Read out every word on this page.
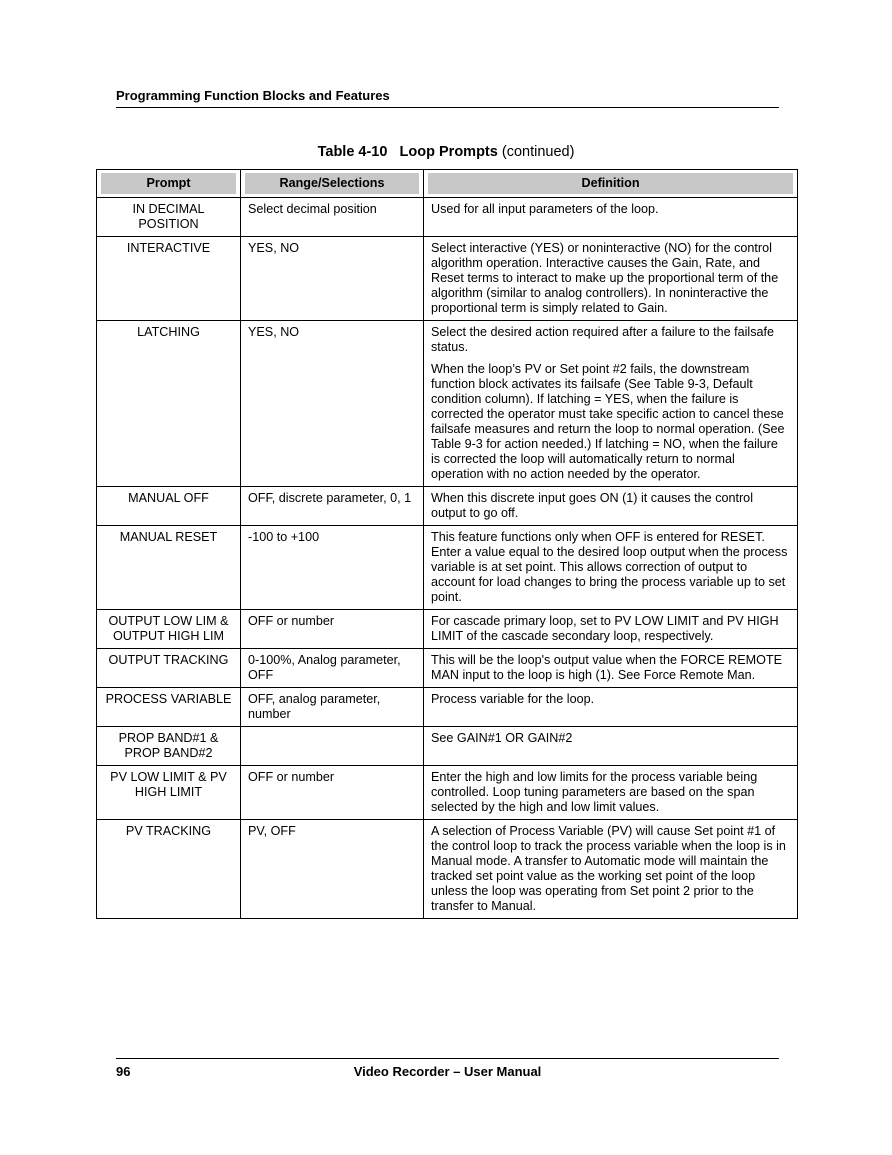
Programming Function Blocks and Features
Table 4-10 Loop Prompts (continued)
Prompt	Range/Selections	Definition

IN DECIMAL POSITION	Select decimal position	Used for all input parameters of the loop.

INTERACTIVE	YES, NO	Select interactive (YES) or noninteractive (NO) for the control algorithm operation. Interactive causes the Gain, Rate, and Reset terms to interact to make up the proportional term of the algorithm (similar to analog controllers). In noninteractive the proportional term is simply related to Gain.

LATCHING	YES, NO	Select the desired action required after a failure to the failsafe status.
When the loop’s PV or Set point #2 fails, the downstream function block activates its failsafe (See Table 9-3, Default condition column). If latching = YES, when the failure is corrected the operator must take specific action to cancel these failsafe measures and return the loop to normal operation. (See Table 9-3 for action needed.) If latching = NO, when the failure is corrected the loop will automatically return to normal operation with no action needed by the operator.

MANUAL OFF	OFF, discrete parameter, 0, 1	When this discrete input goes ON (1) it causes the control output to go off.

MANUAL RESET	-100 to +100	This feature functions only when OFF is entered for RESET. Enter a value equal to the desired loop output when the process variable is at set point. This allows correction of output to account for load changes to bring the process variable up to set point.

OUTPUT LOW LIM & OUTPUT HIGH LIM	OFF or number	For cascade primary loop, set to PV LOW LIMIT and PV HIGH LIMIT of the cascade secondary loop, respectively.

OUTPUT TRACKING	0-100%, Analog parameter, OFF	This will be the loop's output value when the FORCE REMOTE MAN input to the loop is high (1). See Force Remote Man.

PROCESS VARIABLE	OFF, analog parameter, number	Process variable for the loop.

PROP BAND#1 & PROP BAND#2		See GAIN#1 OR GAIN#2

PV LOW LIMIT & PV HIGH LIMIT	OFF or number	Enter the high and low limits for the process variable being controlled. Loop tuning parameters are based on the span selected by the high and low limit values.

PV TRACKING	PV, OFF	A selection of Process Variable (PV) will cause Set point #1 of the control loop to track the process variable when the loop is in Manual mode. A transfer to Automatic mode will maintain the tracked set point value as the working set point of the loop unless the loop was operating from Set point 2 prior to the transfer to Manual.
96	Video Recorder – User Manual
